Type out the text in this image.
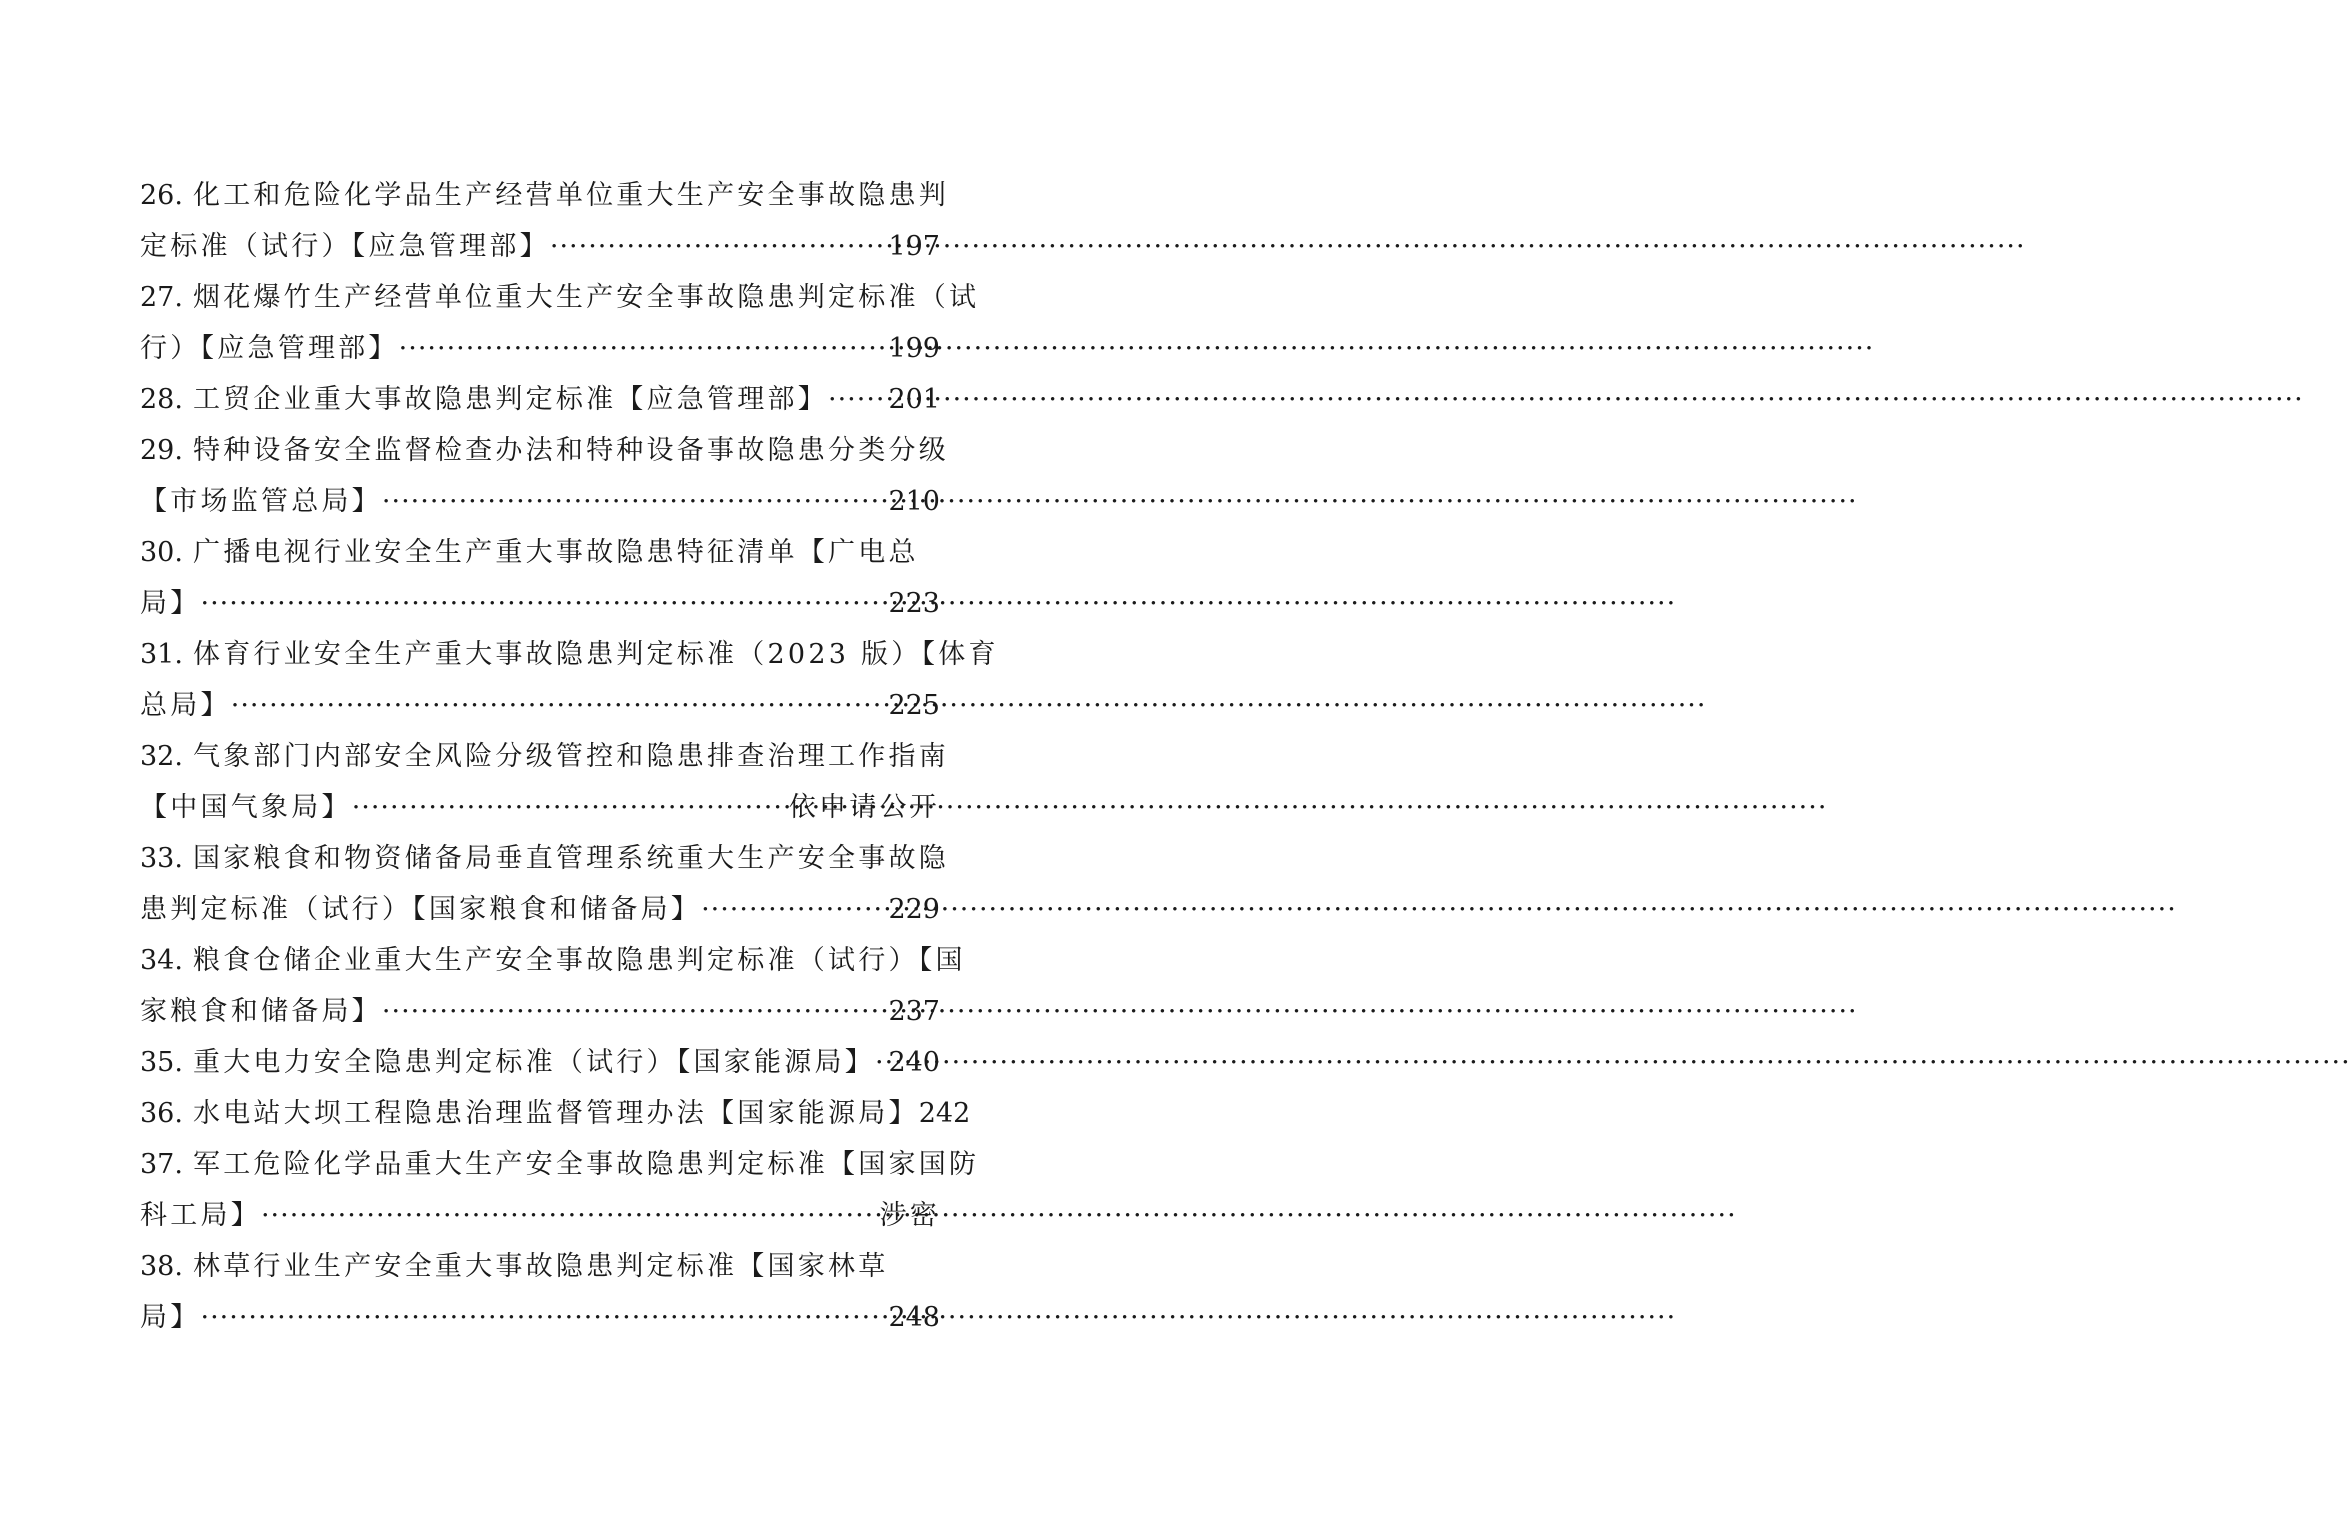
26. 化工和危险化学品生产经营单位重大生产安全事故隐患判
定标准（试行）【应急管理部】 ·····	197
27. 烟花爆竹生产经营单位重大生产安全事故隐患判定标准（试
行）【应急管理部】 ·····	199
28. 工贸企业重大事故隐患判定标准【应急管理部】 ····· 201
29. 特种设备安全监督检查办法和特种设备事故隐患分类分级
【市场监管总局】 ·····	210
30. 广播电视行业安全生产重大事故隐患特征清单【广电总
局】 ·····	223
31. 体育行业安全生产重大事故隐患判定标准（2023 版）【体育
总局】 ·····	225
32. 气象部门内部安全风险分级管控和隐患排查治理工作指南
【中国气象局】 ·····	依申请公开
33. 国家粮食和物资储备局垂直管理系统重大生产安全事故隐
患判定标准（试行）【国家粮食和储备局】 ·····	229
34. 粮食仓储企业重大生产安全事故隐患判定标准（试行）【国
家粮食和储备局】 ·····	237
35. 重大电力安全隐患判定标准（试行）【国家能源局】 ····· 240
36. 水电站大坝工程隐患治理监督管理办法【国家能源局】 242
37. 军工危险化学品重大生产安全事故隐患判定标准【国家国防
科工局】 ·····	涉密
38. 林草行业生产安全重大事故隐患判定标准【国家林草
局】 ·····	248
